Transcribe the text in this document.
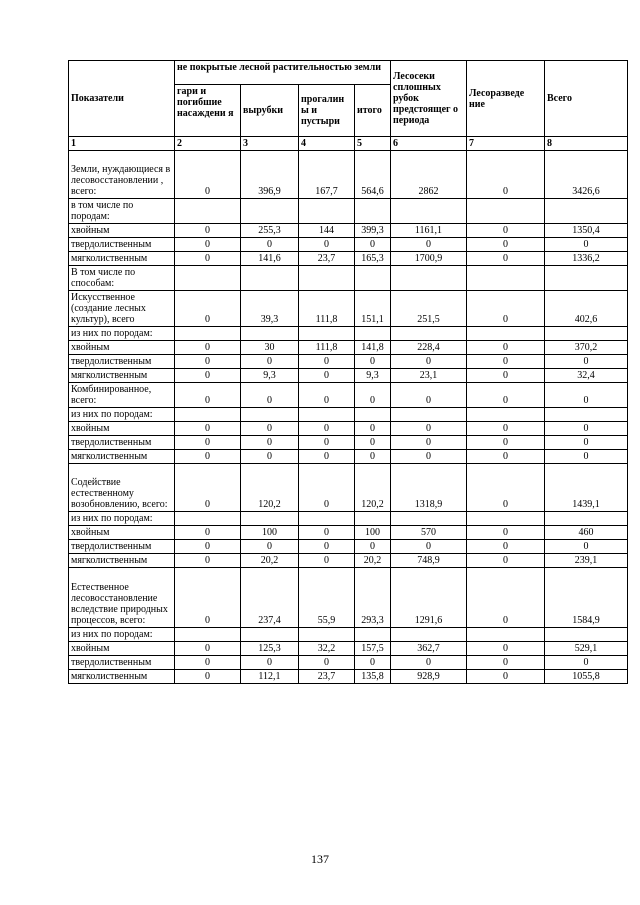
Показатели	не покрытые лесной растительностью земли				Лесосеки сплошных рубок предстоящег о периода	Лесоразведе ние	Всего
	гари и погибшие насаждени я	вырубки	прогалин ы и пустыри	итого			
1	2	3	4	5	6	7	8
Земли, нуждающиеся в лесовосстановлении , всего:	0	396,9	167,7	564,6	2862	0	3426,6
в том числе по породам:							
хвойным	0	255,3	144	399,3	1161,1	0	1350,4
твердолиственным	0	0	0	0	0	0	0
мягколиственным	0	141,6	23,7	165,3	1700,9	0	1336,2
В том числе по способам:							
Искусственное (создание лесных культур), всего	0	39,3	111,8	151,1	251,5	0	402,6
из них по породам:							
хвойным	0	30	111,8	141,8	228,4	0	370,2
твердолиственным	0	0	0	0	0	0	0
мягколиственным	0	9,3	0	9,3	23,1	0	32,4
Комбинированное, всего:	0	0	0	0	0	0	0
из них по породам:							
хвойным	0	0	0	0	0	0	0
твердолиственным	0	0	0	0	0	0	0
мягколиственным	0	0	0	0	0	0	0
Содействие естественному возобновлению, всего:	0	120,2	0	120,2	1318,9	0	1439,1
из них по породам:							
хвойным	0	100	0	100	570	0	460
твердолиственным	0	0	0	0	0	0	0
мягколиственным	0	20,2	0	20,2	748,9	0	239,1
Естественное лесовосстановление вследствие природных процессов, всего:	0	237,4	55,9	293,3	1291,6	0	1584,9
из них по породам:							
хвойным	0	125,3	32,2	157,5	362,7	0	529,1
твердолиственным	0	0	0	0	0	0	0
мягколиственным	0	112,1	23,7	135,8	928,9	0	1055,8
137
